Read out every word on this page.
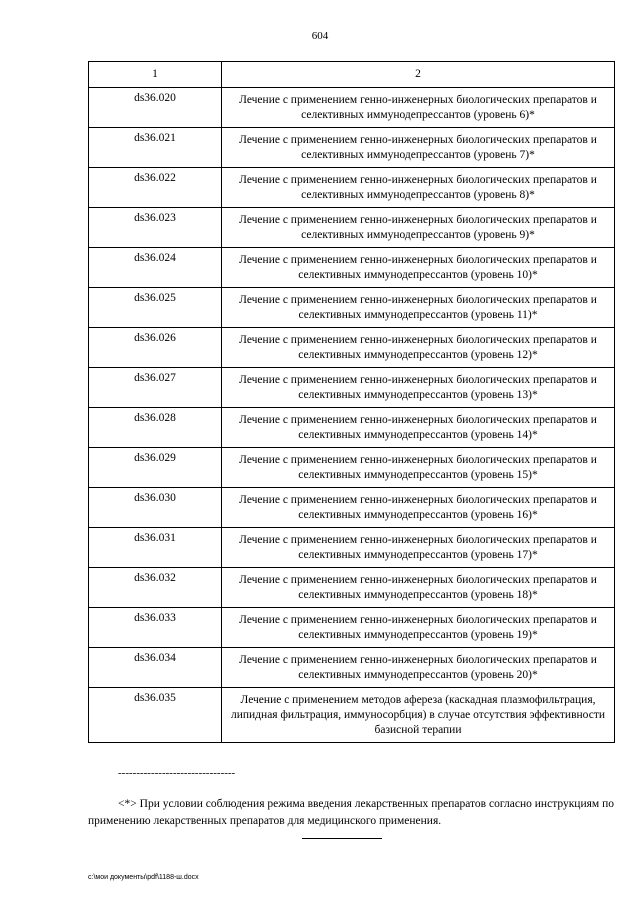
604
1	2
ds36.020	Лечение с применением генно-инженерных биологических препаратов и селективных иммунодепрессантов (уровень 6)*
ds36.021	Лечение с применением генно-инженерных биологических препаратов и селективных иммунодепрессантов (уровень 7)*
ds36.022	Лечение с применением генно-инженерных биологических препаратов и селективных иммунодепрессантов (уровень 8)*
ds36.023	Лечение с применением генно-инженерных биологических препаратов и селективных иммунодепрессантов (уровень 9)*
ds36.024	Лечение с применением генно-инженерных биологических препаратов и селективных иммунодепрессантов (уровень 10)*
ds36.025	Лечение с применением генно-инженерных биологических препаратов и селективных иммунодепрессантов (уровень 11)*
ds36.026	Лечение с применением генно-инженерных биологических препаратов и селективных иммунодепрессантов (уровень 12)*
ds36.027	Лечение с применением генно-инженерных биологических препаратов и селективных иммунодепрессантов (уровень 13)*
ds36.028	Лечение с применением генно-инженерных биологических препаратов и селективных иммунодепрессантов (уровень 14)*
ds36.029	Лечение с применением генно-инженерных биологических препаратов и селективных иммунодепрессантов (уровень 15)*
ds36.030	Лечение с применением генно-инженерных биологических препаратов и селективных иммунодепрессантов (уровень 16)*
ds36.031	Лечение с применением генно-инженерных биологических препаратов и селективных иммунодепрессантов (уровень 17)*
ds36.032	Лечение с применением генно-инженерных биологических препаратов и селективных иммунодепрессантов (уровень 18)*
ds36.033	Лечение с применением генно-инженерных биологических препаратов и селективных иммунодепрессантов (уровень 19)*
ds36.034	Лечение с применением генно-инженерных биологических препаратов и селективных иммунодепрессантов (уровень 20)*
ds36.035	Лечение с применением методов афереза (каскадная плазмофильтрация, липидная фильтрация, иммуносорбция) в случае отсутствия эффективности базисной терапии
--------------------------------
<*> При условии соблюдения режима введения лекарственных препаратов согласно инструкциям по применению лекарственных препаратов для медицинского применения.
c:\мои документы\pdf\1188-ш.docx
